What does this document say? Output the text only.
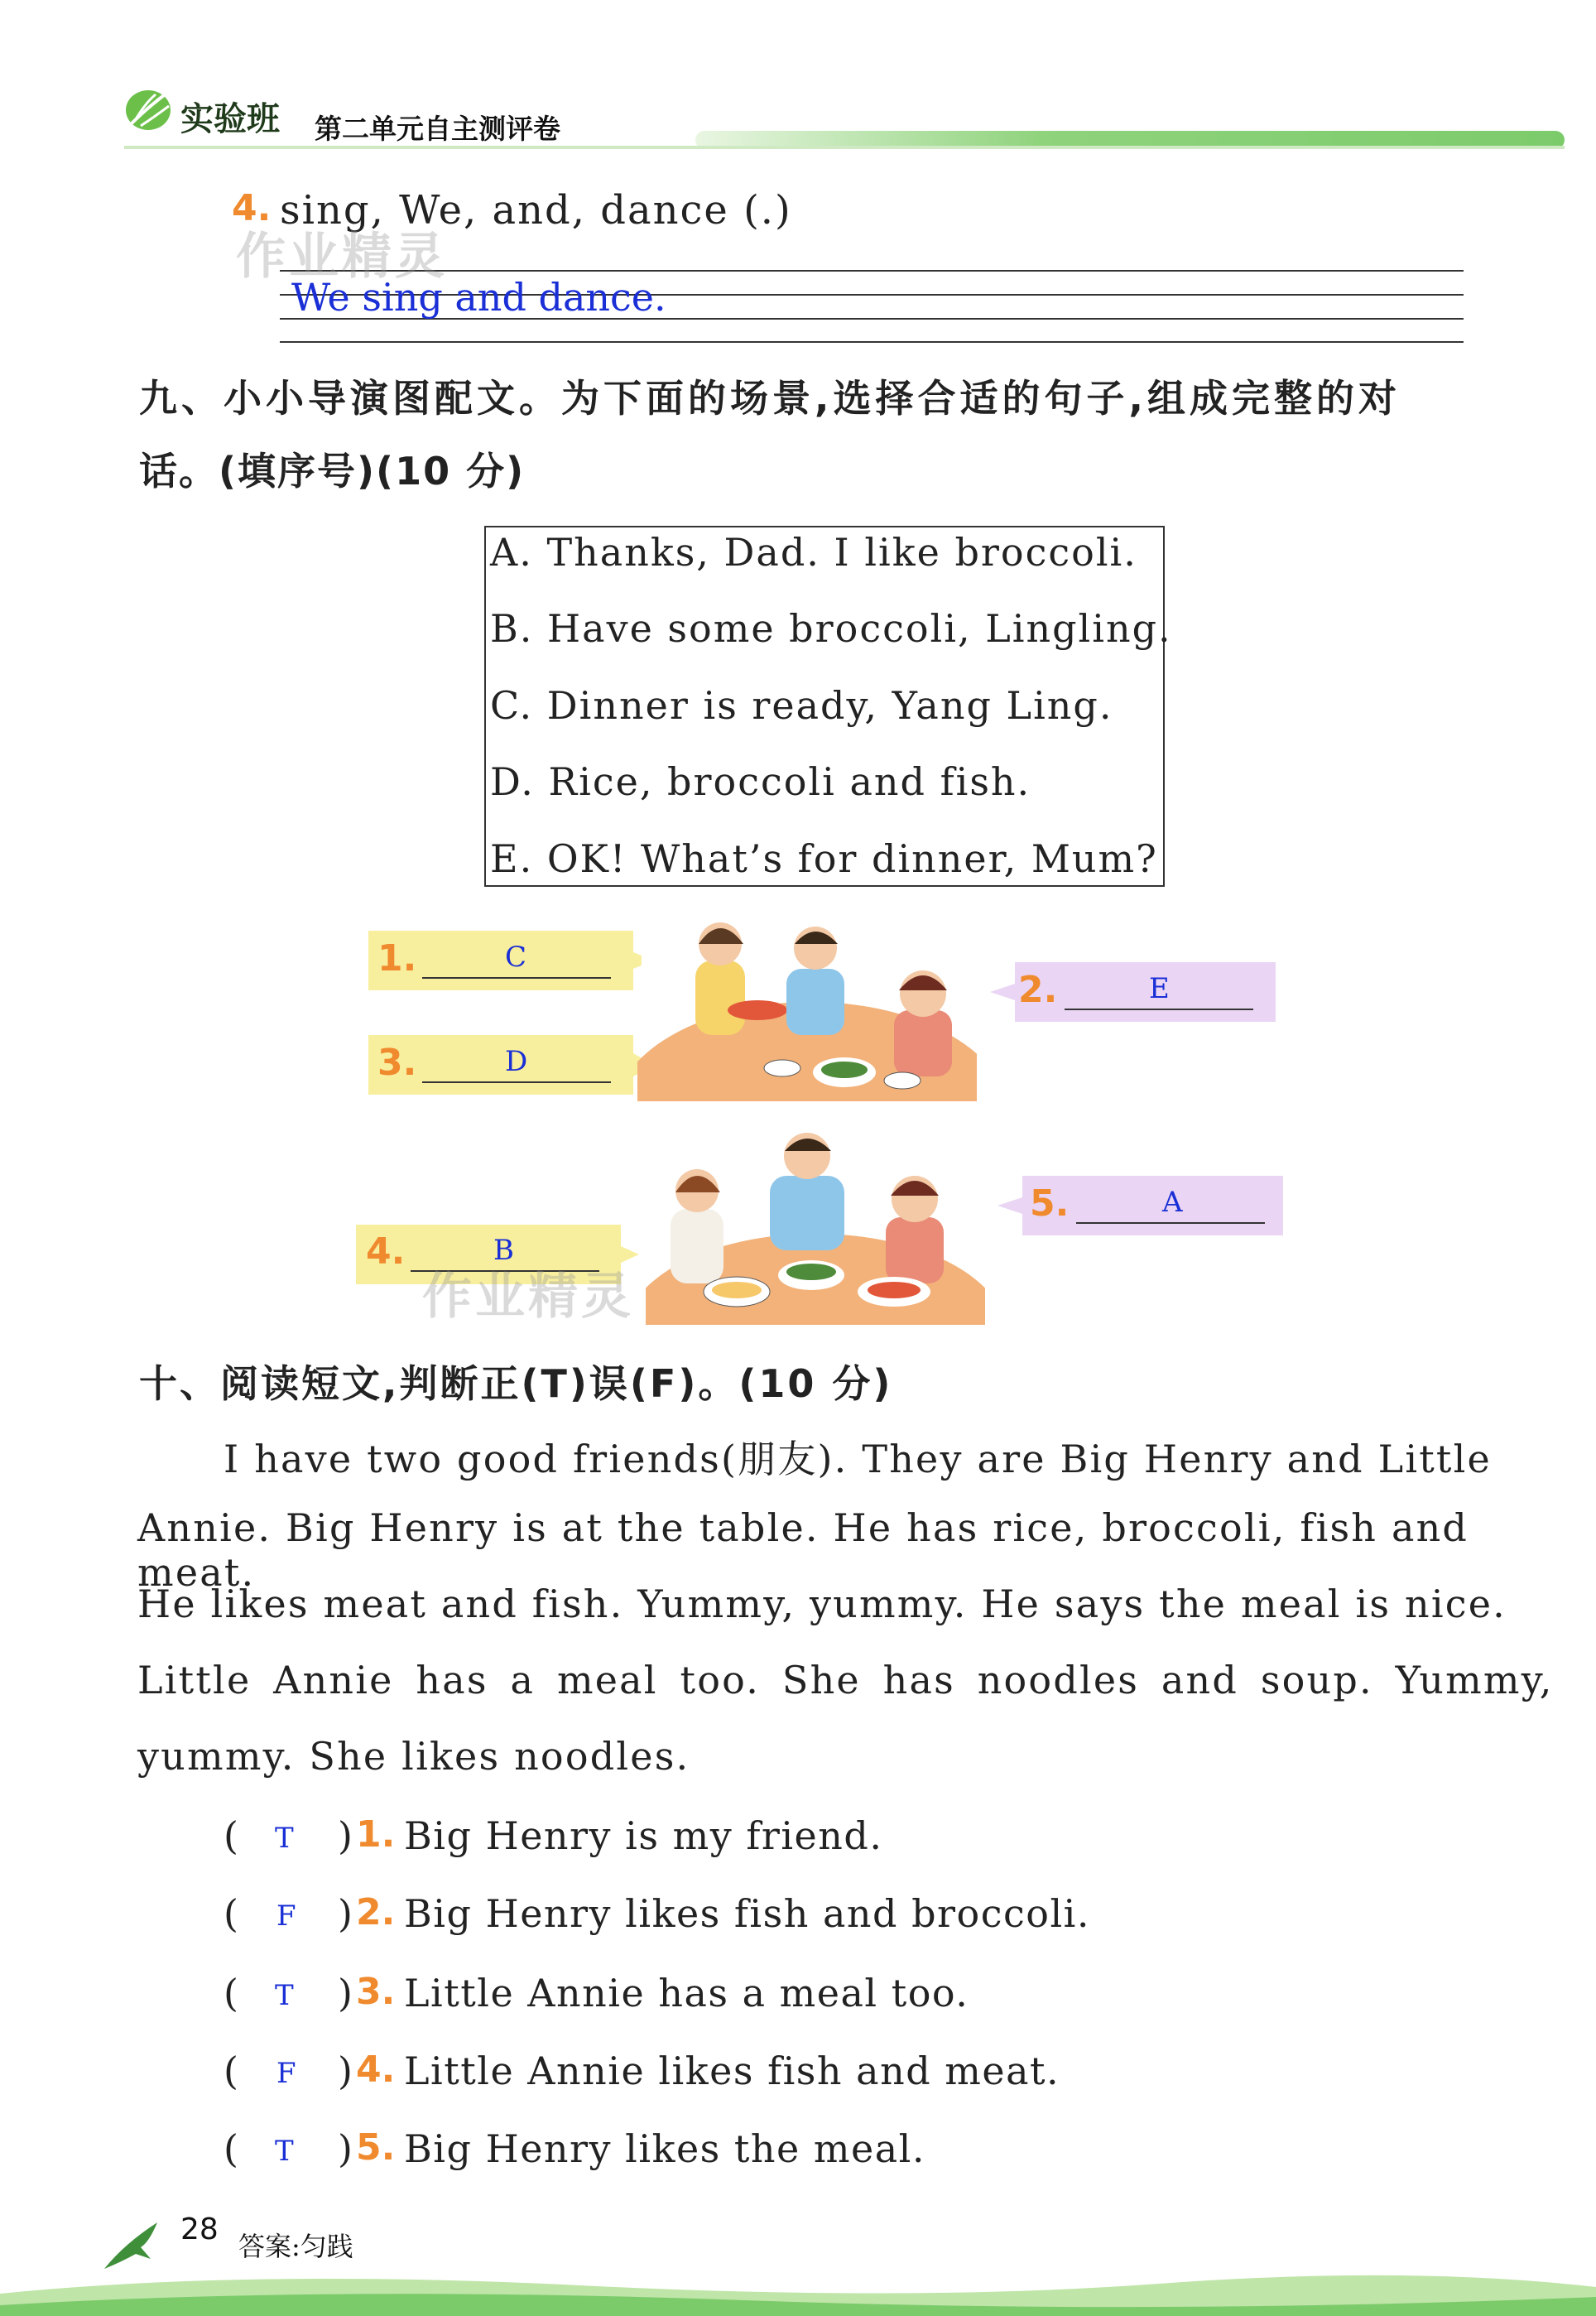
实验班 第二单元自主测评卷
4. sing, We, and, dance (.)
We sing and dance.
作业精灵
九、小小导演图配文。为下面的场景,选择合适的句子,组成完整的对
话。(填序号)(10 分)
A. Thanks, Dad. I like broccoli.
B. Have some broccoli, Lingling.
C. Dinner is ready, Yang Ling.
D. Rice, broccoli and fish.
E. OK! What’s for dinner, Mum?
1.	C
3.	D
2.	E
4.	B
5.	A
作业精灵
十、阅读短文,判断正(T)误(F)。(10 分)
I have two good friends(朋友). They are Big Henry and Little
Annie. Big Henry is at the table. He has rice, broccoli, fish and meat.
He likes meat and fish. Yummy, yummy. He says the meal is nice.
Little Annie has a meal too. She has noodles and soup. Yummy,
yummy. She likes noodles.
( T ) 1. Big Henry is my friend.
( F ) 2. Big Henry likes fish and broccoli.
( T ) 3. Little Annie has a meal too.
( F ) 4. Little Annie likes fish and meat.
( T ) 5. Big Henry likes the meal.
28 答案:匀践
